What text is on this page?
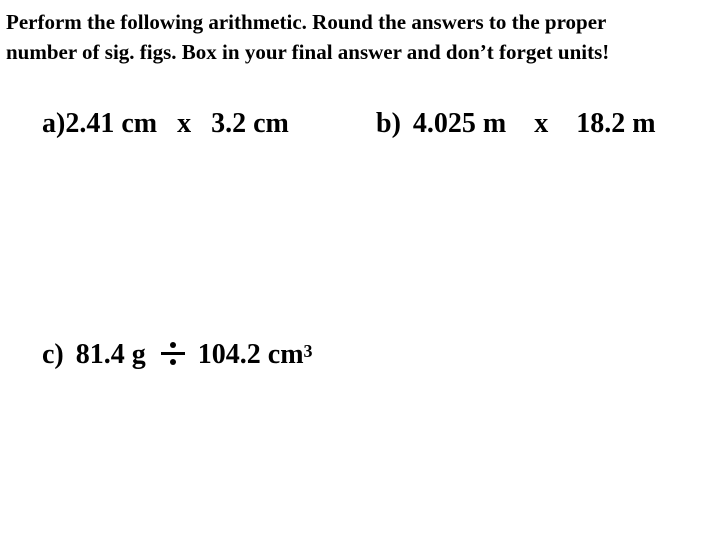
Perform the following arithmetic. Round the answers to the proper
number of sig. figs. Box in your final answer and don’t forget units!
a)2.41 cm x 3.2 cm	b) 4.025 m x 18.2 m
c) 81.4 g 104.2 $cm^3$
